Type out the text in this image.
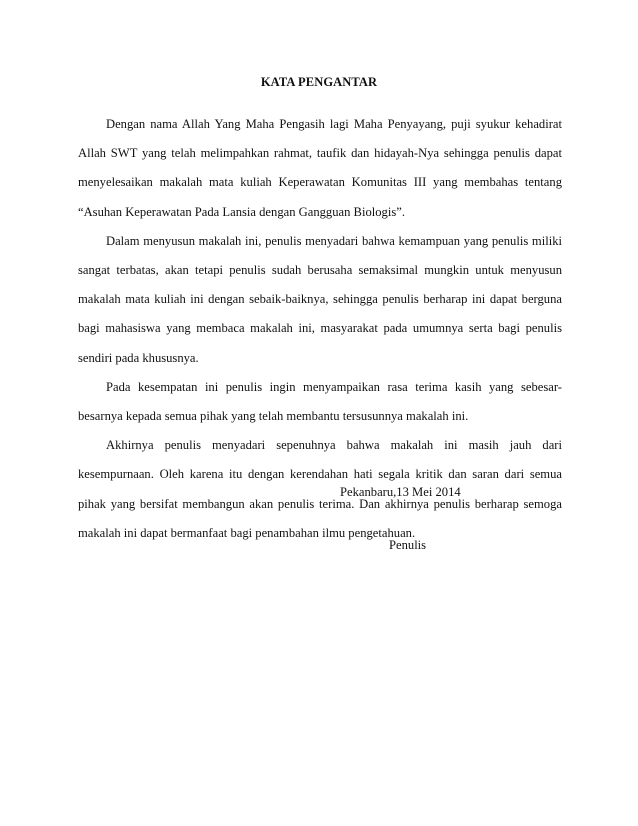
KATA PENGANTAR

Dengan nama Allah Yang Maha Pengasih lagi Maha Penyayang, puji syukur kehadirat Allah SWT yang telah melimpahkan rahmat, taufik dan hidayah-Nya sehingga penulis dapat menyelesaikan makalah mata kuliah Keperawatan Komunitas III yang membahas tentang “Asuhan Keperawatan Pada Lansia dengan Gangguan Biologis”.

Dalam menyusun makalah ini, penulis menyadari bahwa kemampuan yang penulis miliki sangat terbatas, akan tetapi penulis sudah berusaha semaksimal mungkin untuk menyusun makalah mata kuliah ini dengan sebaik-baiknya, sehingga penulis berharap ini dapat berguna bagi mahasiswa yang membaca makalah ini, masyarakat pada umumnya serta bagi penulis sendiri pada khususnya.

Pada kesempatan ini penulis ingin menyampaikan rasa terima kasih yang sebesar-besarnya kepada semua pihak yang telah membantu tersusunnya makalah ini.

Akhirnya penulis menyadari sepenuhnya bahwa makalah ini masih jauh dari kesempurnaan. Oleh karena itu dengan kerendahan hati segala kritik dan saran dari semua pihak yang bersifat membangun akan penulis terima. Dan akhirnya penulis berharap semoga makalah ini dapat bermanfaat bagi penambahan ilmu pengetahuan.

Pekanbaru,13 Mei 2014
Penulis
